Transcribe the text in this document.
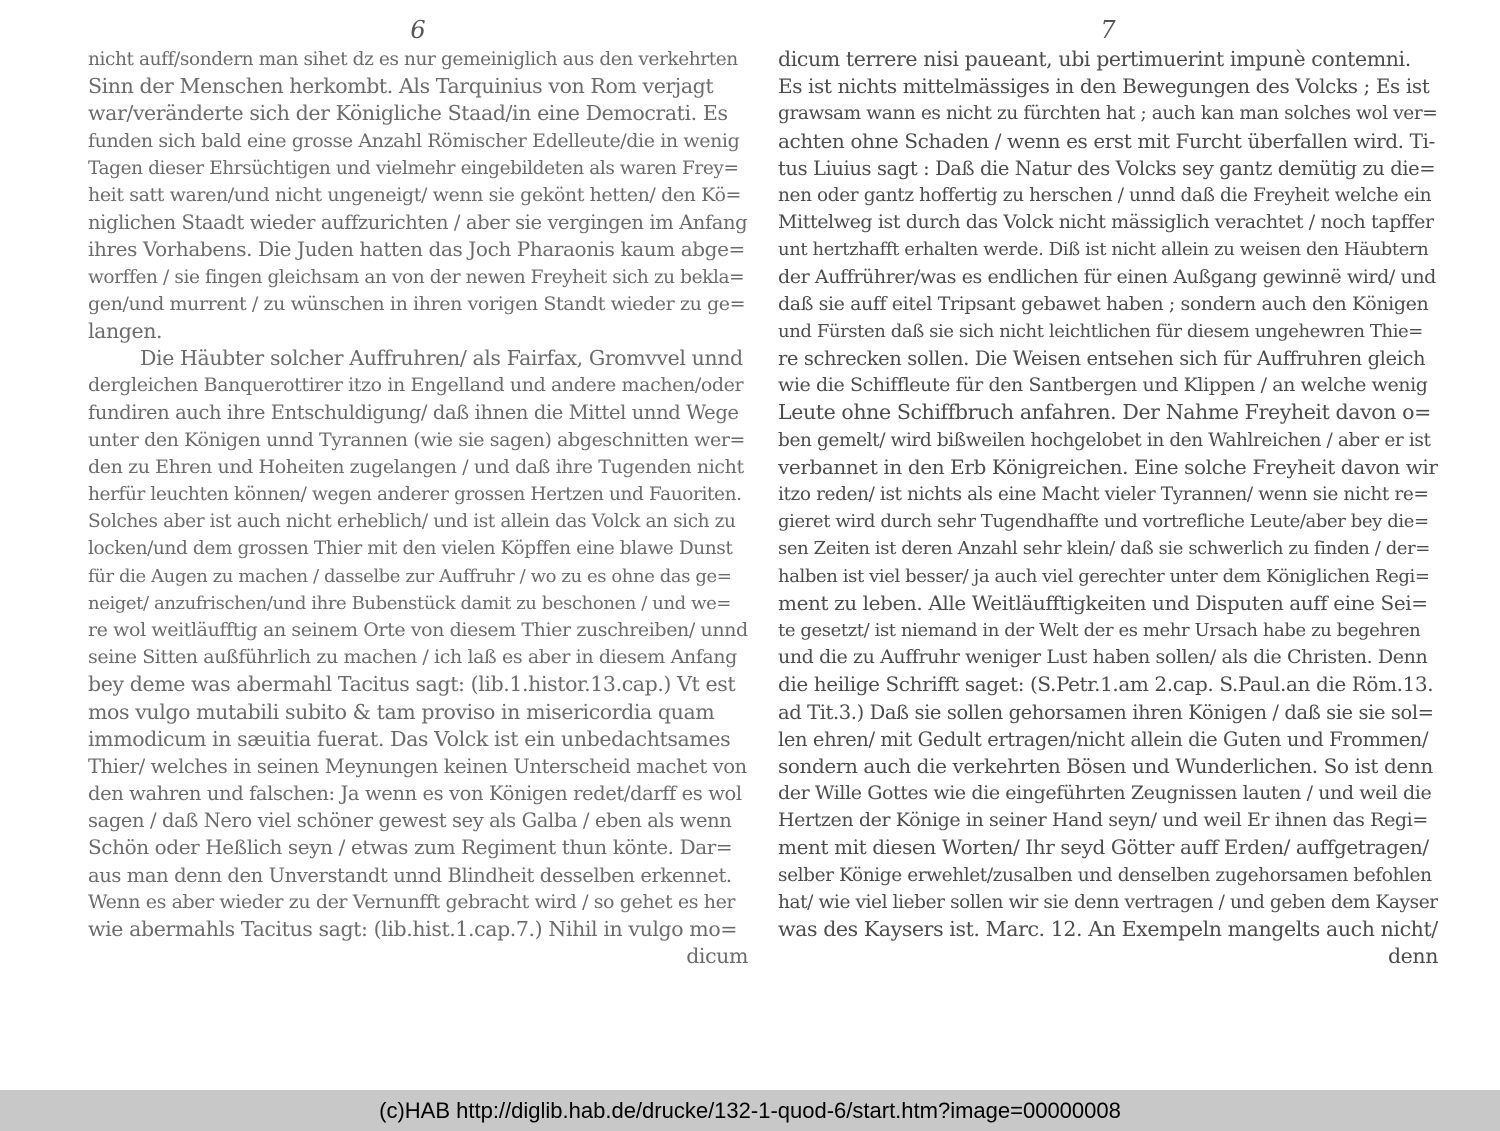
6
nicht auff/sondern man sihet dz es nur gemeiniglich aus den verkehrten
Sinn der Menschen herkombt. Als Tarquinius von Rom verjagt
war/veränderte sich der Königliche Staad/in eine Democrati. Es
funden sich bald eine grosse Anzahl Römischer Edelleute/die in wenig
Tagen dieser Ehrsüchtigen und vielmehr eingebildeten als waren Frey=
heit satt waren/und nicht ungeneigt/ wenn sie gekönt hetten/ den Kö=
niglichen Staadt wieder auffzurichten / aber sie vergingen im Anfang
ihres Vorhabens. Die Juden hatten das Joch Pharaonis kaum abge=
worffen / sie fingen gleichsam an von der newen Freyheit sich zu bekla=
gen/und murrent / zu wünschen in ihren vorigen Standt wieder zu ge=
langen.
Die Häubter solcher Auffruhren/ als Fairfax, Gromvvel unnd
dergleichen Banquerottirer itzo in Engelland und andere machen/oder
fundiren auch ihre Entschuldigung/ daß ihnen die Mittel unnd Wege
unter den Königen unnd Tyrannen (wie sie sagen) abgeschnitten wer=
den zu Ehren und Hoheiten zugelangen / und daß ihre Tugenden nicht
herfür leuchten können/ wegen anderer grossen Hertzen und Fauoriten.
Solches aber ist auch nicht erheblich/ und ist allein das Volck an sich zu
locken/und dem grossen Thier mit den vielen Köpffen eine blawe Dunst
für die Augen zu machen / dasselbe zur Auffruhr / wo zu es ohne das ge=
neiget/ anzufrischen/und ihre Bubenstück damit zu beschonen / und we=
re wol weitläufftig an seinem Orte von diesem Thier zuschreiben/ unnd
seine Sitten außführlich zu machen / ich laß es aber in diesem Anfang
bey deme was abermahl Tacitus sagt: (lib.1.histor.13.cap.) Vt est
mos vulgo mutabili subito & tam proviso in misericordia quam
immodicum in sæuitia fuerat. Das Volck ist ein unbedachtsames
Thier/ welches in seinen Meynungen keinen Unterscheid machet von
den wahren und falschen: Ja wenn es von Königen redet/darff es wol
sagen / daß Nero viel schöner gewest sey als Galba / eben als wenn
Schön oder Heßlich seyn / etwas zum Regiment thun könte. Dar=
aus man denn den Unverstandt unnd Blindheit desselben erkennet.
Wenn es aber wieder zu der Vernunfft gebracht wird / so gehet es her
wie abermahls Tacitus sagt: (lib.hist.1.cap.7.) Nihil in vulgo mo=
dicum
7
dicum terrere nisi paueant, ubi pertimuerint impunè contemni.
Es ist nichts mittelmässiges in den Bewegungen des Volcks ; Es ist
grawsam wann es nicht zu fürchten hat ; auch kan man solches wol ver=
achten ohne Schaden / wenn es erst mit Furcht überfallen wird. Ti-
tus Liuius sagt : Daß die Natur des Volcks sey gantz demütig zu die=
nen oder gantz hoffertig zu herschen / unnd daß die Freyheit welche ein
Mittelweg ist durch das Volck nicht mässiglich verachtet / noch tapffer
unt hertzhafft erhalten werde. Diß ist nicht allein zu weisen den Häubtern
der Auffrührer/was es endlichen für einen Außgang gewinnë wird/ und
daß sie auff eitel Tripsant gebawet haben ; sondern auch den Königen
und Fürsten daß sie sich nicht leichtlichen für diesem ungehewren Thie=
re schrecken sollen. Die Weisen entsehen sich für Auffruhren gleich
wie die Schiffleute für den Santbergen und Klippen / an welche wenig
Leute ohne Schiffbruch anfahren. Der Nahme Freyheit davon o=
ben gemelt/ wird bißweilen hochgelobet in den Wahlreichen / aber er ist
verbannet in den Erb Königreichen. Eine solche Freyheit davon wir
itzo reden/ ist nichts als eine Macht vieler Tyrannen/ wenn sie nicht re=
gieret wird durch sehr Tugendhaffte und vortrefliche Leute/aber bey die=
sen Zeiten ist deren Anzahl sehr klein/ daß sie schwerlich zu finden / der=
halben ist viel besser/ ja auch viel gerechter unter dem Königlichen Regi=
ment zu leben. Alle Weitläufftigkeiten und Disputen auff eine Sei=
te gesetzt/ ist niemand in der Welt der es mehr Ursach habe zu begehren
und die zu Auffruhr weniger Lust haben sollen/ als die Christen. Denn
die heilige Schrifft saget: (S.Petr.1.am 2.cap. S.Paul.an die Röm.13.
ad Tit.3.) Daß sie sollen gehorsamen ihren Königen / daß sie sie sol=
len ehren/ mit Gedult ertragen/nicht allein die Guten und Frommen/
sondern auch die verkehrten Bösen und Wunderlichen. So ist denn
der Wille Gottes wie die eingeführten Zeugnissen lauten / und weil die
Hertzen der Könige in seiner Hand seyn/ und weil Er ihnen das Regi=
ment mit diesen Worten/ Ihr seyd Götter auff Erden/ auffgetragen/
selber Könige erwehlet/zusalben und denselben zugehorsamen befohlen
hat/ wie viel lieber sollen wir sie denn vertragen / und geben dem Kayser
was des Kaysers ist. Marc. 12. An Exempeln mangelts auch nicht/
denn
(c)HAB http://diglib.hab.de/drucke/132-1-quod-6/start.htm?image=00000008
